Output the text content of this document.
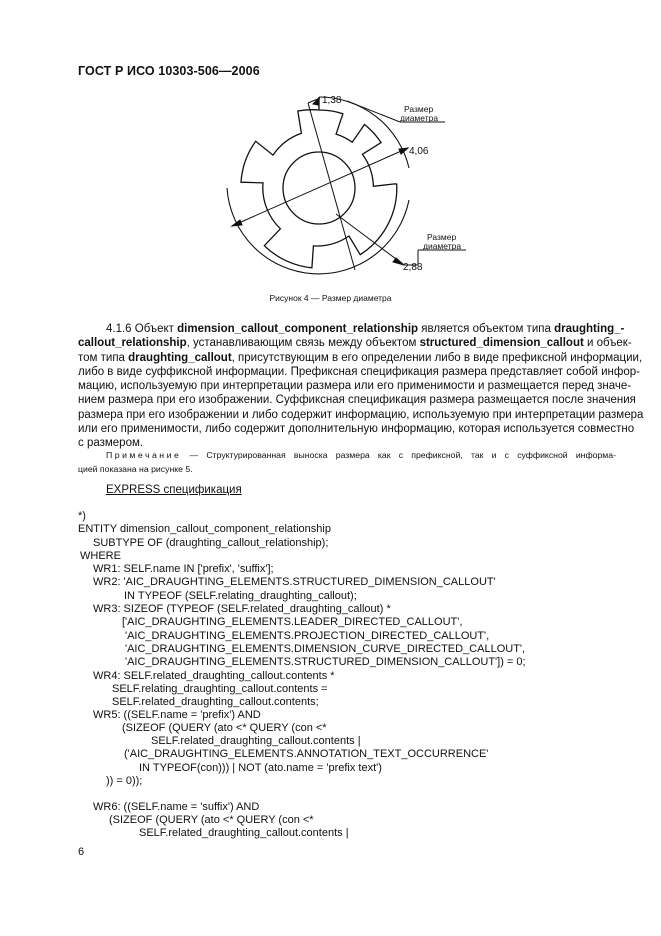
ГОСТ Р ИСО 10303-506—2006
1,38
4,06
2,88
Размер
диаметра
Размер
диаметра
Рисунок 4 — Размер диаметра
4.1.6 Объект dimension_callout_component_relationship является объектом типа draughting_-
callout_relationship, устанавливающим связь между объектом structured_dimension_callout и объек-
том типа draughting_callout, присутствующим в его определении либо в виде префиксной информации,
либо в виде суффиксной информации. Префиксная спецификация размера представляет собой инфор-
мацию, используемую при интерпретации размера или его применимости и размещается перед значе-
нием размера при его изображении. Суффиксная спецификация размера размещается после значения
размера при его изображении и либо содержит информацию, используемую при интерпретации размера
или его применимости, либо содержит дополнительную информацию, которая используется совместно
с размером.
Примечание — Структурированная выноска размера как с префиксной, так и с суффиксной информа-
цией показана на рисунке 5.
EXPRESS спецификация
*)
ENTITY dimension_callout_component_relationship
SUBTYPE OF (draughting_callout_relationship);
WHERE
WR1: SELF.name IN ['prefix', 'suffix'];
WR2: 'AIC_DRAUGHTING_ELEMENTS.STRUCTURED_DIMENSION_CALLOUT'
IN TYPEOF (SELF.relating_draughting_callout);
WR3: SIZEOF (TYPEOF (SELF.related_draughting_callout) *
['AIC_DRAUGHTING_ELEMENTS.LEADER_DIRECTED_CALLOUT',
'AIC_DRAUGHTING_ELEMENTS.PROJECTION_DIRECTED_CALLOUT',
'AIC_DRAUGHTING_ELEMENTS.DIMENSION_CURVE_DIRECTED_CALLOUT',
'AIC_DRAUGHTING_ELEMENTS.STRUCTURED_DIMENSION_CALLOUT']) = 0;
WR4: SELF.related_draughting_callout.contents *
SELF.relating_draughting_callout.contents =
SELF.related_draughting_callout.contents;
WR5: ((SELF.name = 'prefix') AND
(SIZEOF (QUERY (ato <* QUERY (con <*
SELF.related_draughting_callout.contents |
('AIC_DRAUGHTING_ELEMENTS.ANNOTATION_TEXT_OCCURRENCE'
IN TYPEOF(con))) | NOT (ato.name = 'prefix text')
)) = 0));
WR6: ((SELF.name = 'suffix') AND
(SIZEOF (QUERY (ato <* QUERY (con <*
SELF.related_draughting_callout.contents |
6
